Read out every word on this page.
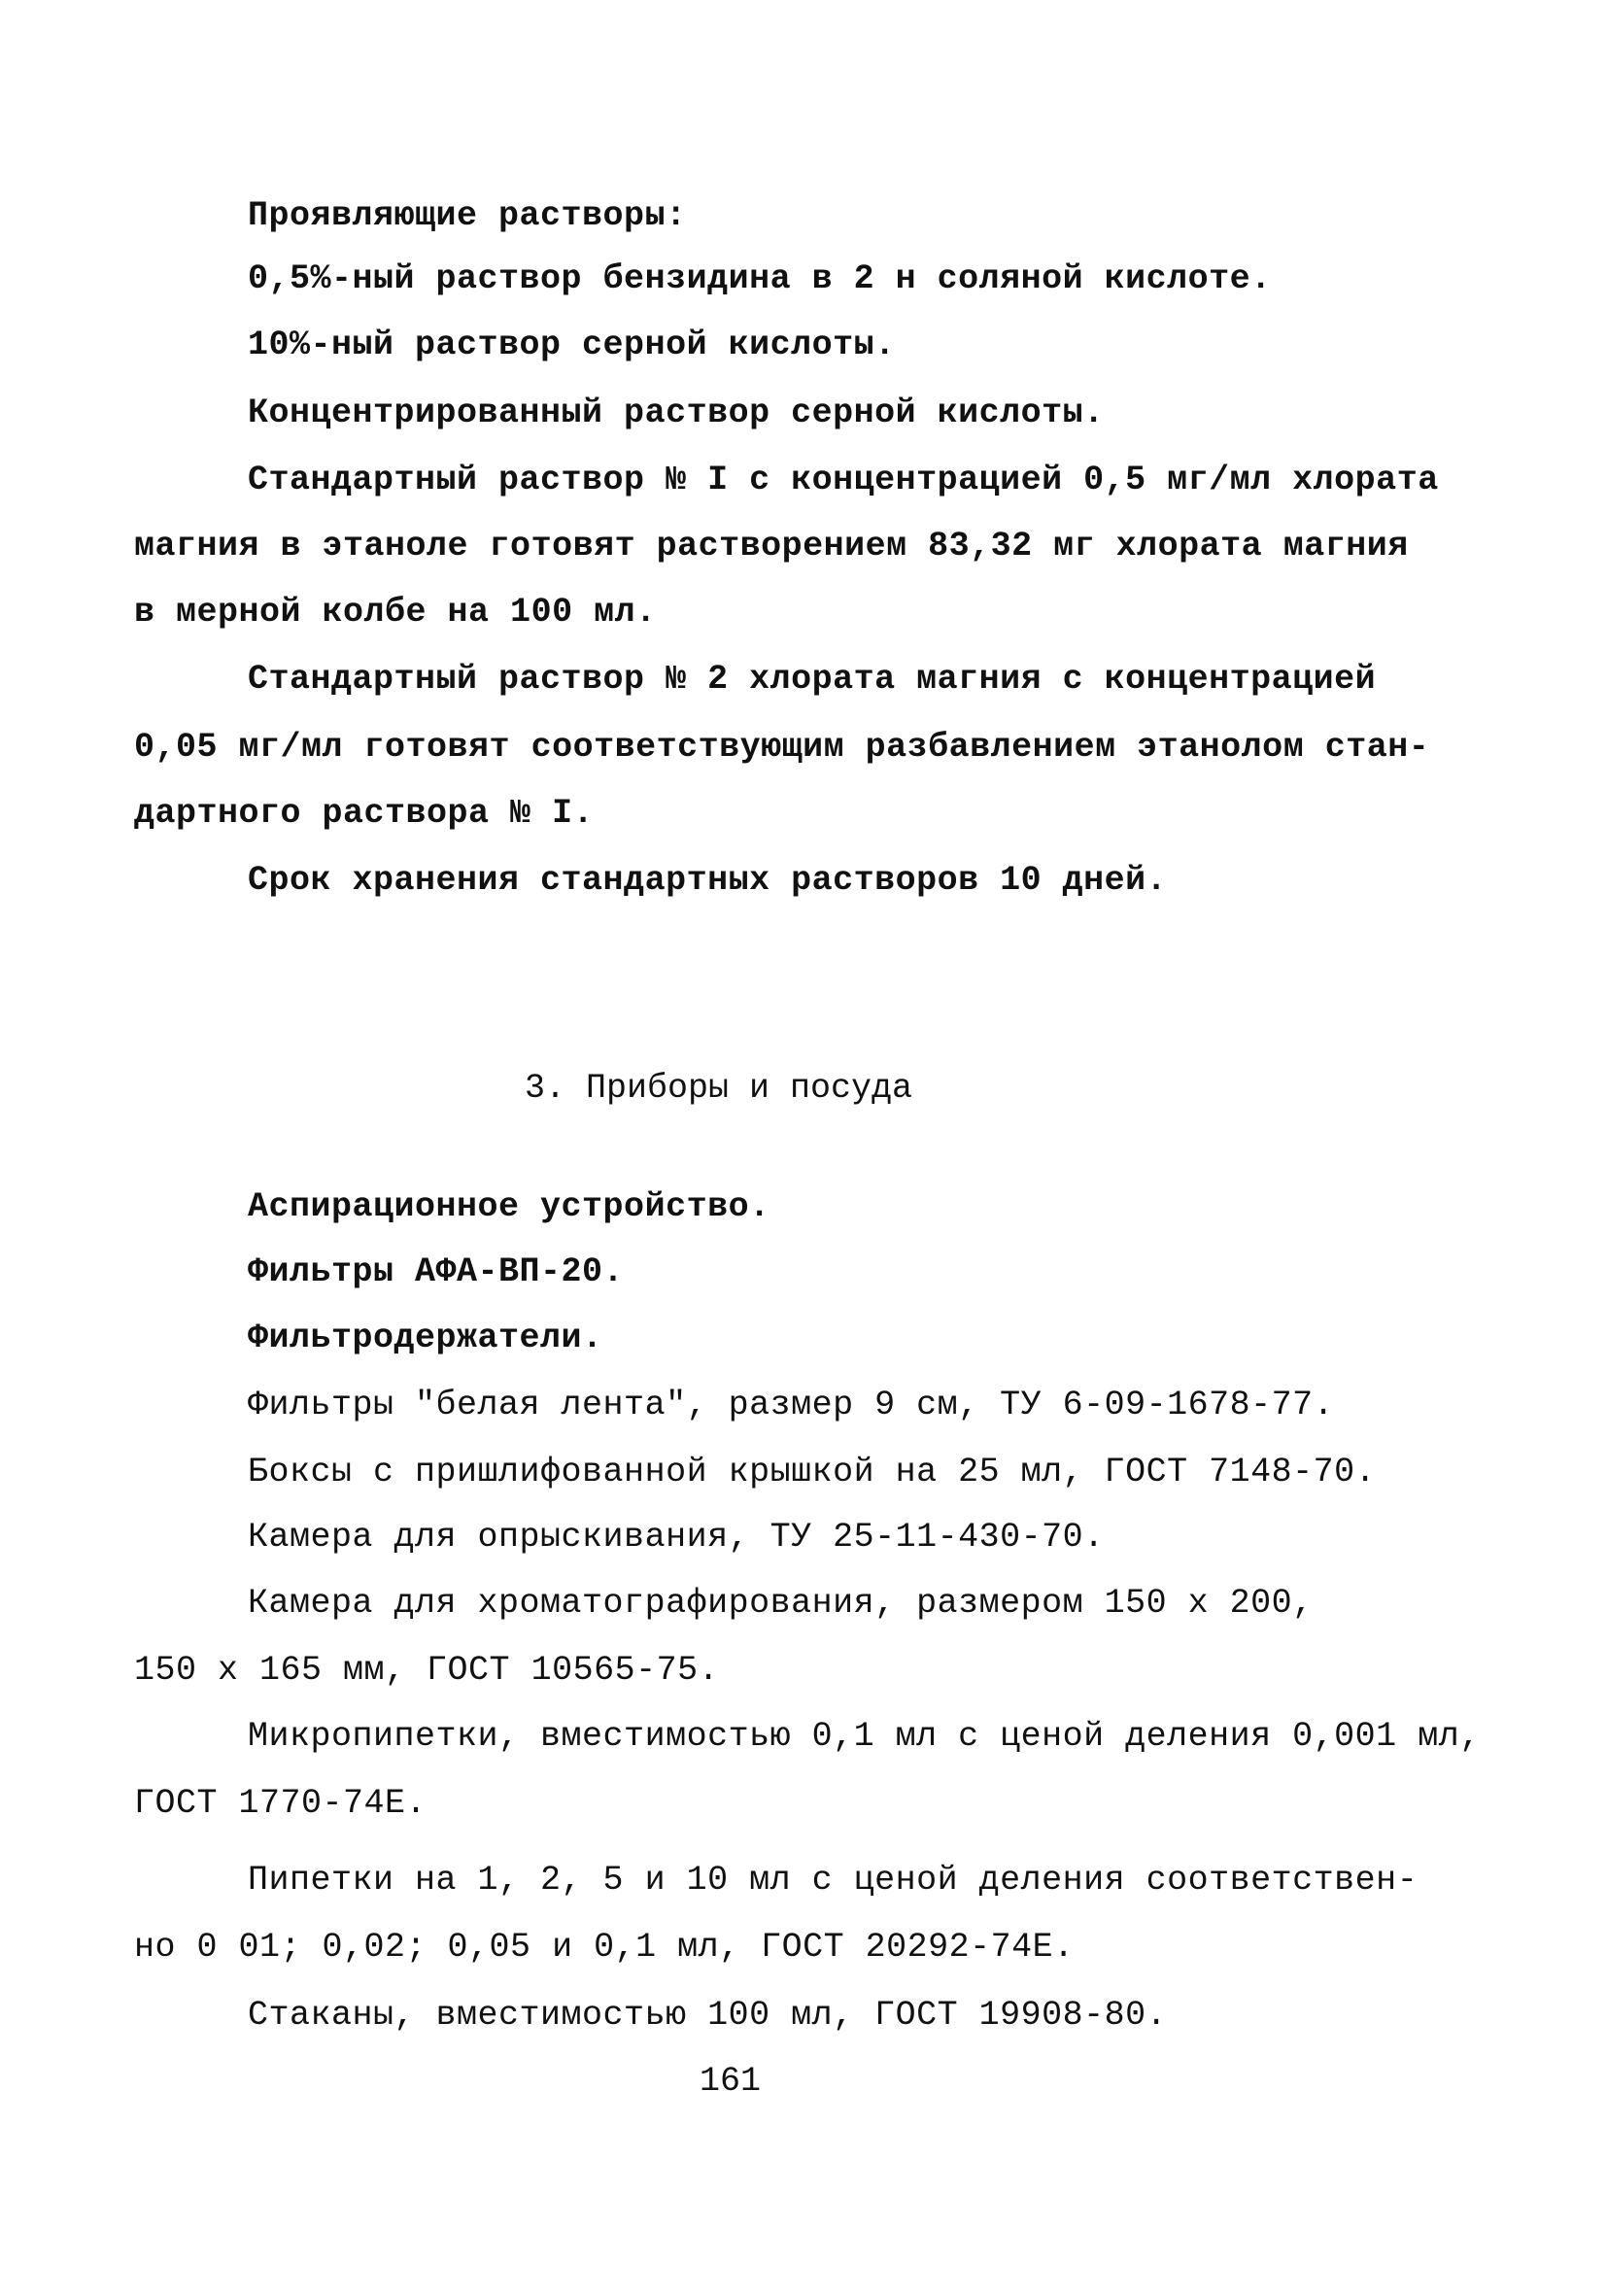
Проявляющие растворы:
0,5%-ный раствор бензидина в 2 н соляной кислоте.
10%-ный раствор серной кислоты.
Концентрированный раствор серной кислоты.
Стандартный раствор № I с концентрацией 0,5 мг/мл хлората
магния в этаноле готовят растворением 83,32 мг хлората магния
в мерной колбе на 100 мл.
Стандартный раствор № 2 хлората магния с концентрацией
0,05 мг/мл готовят соответствующим разбавлением этанолом стан-
дартного раствора № I.
Срок хранения стандартных растворов 10 дней.
3. Приборы и посуда
Аспирационное устройство.
Фильтры АФА-ВП-20.
Фильтродержатели.
Фильтры "белая лента", размер 9 см, ТУ 6-09-1678-77.
Боксы с пришлифованной крышкой на 25 мл, ГОСТ 7148-70.
Камера для опрыскивания, ТУ 25-11-430-70.
Камера для хроматографирования, размером 150 х 200,
150 х 165 мм, ГОСТ 10565-75.
Микропипетки, вместимостью 0,1 мл с ценой деления 0,001 мл,
ГОСТ 1770-74Е.
Пипетки на 1, 2, 5 и 10 мл с ценой деления соответствен-
но 0 01; 0,02; 0,05 и 0,1 мл, ГОСТ 20292-74Е.
Стаканы, вместимостью 100 мл, ГОСТ 19908-80.
161
